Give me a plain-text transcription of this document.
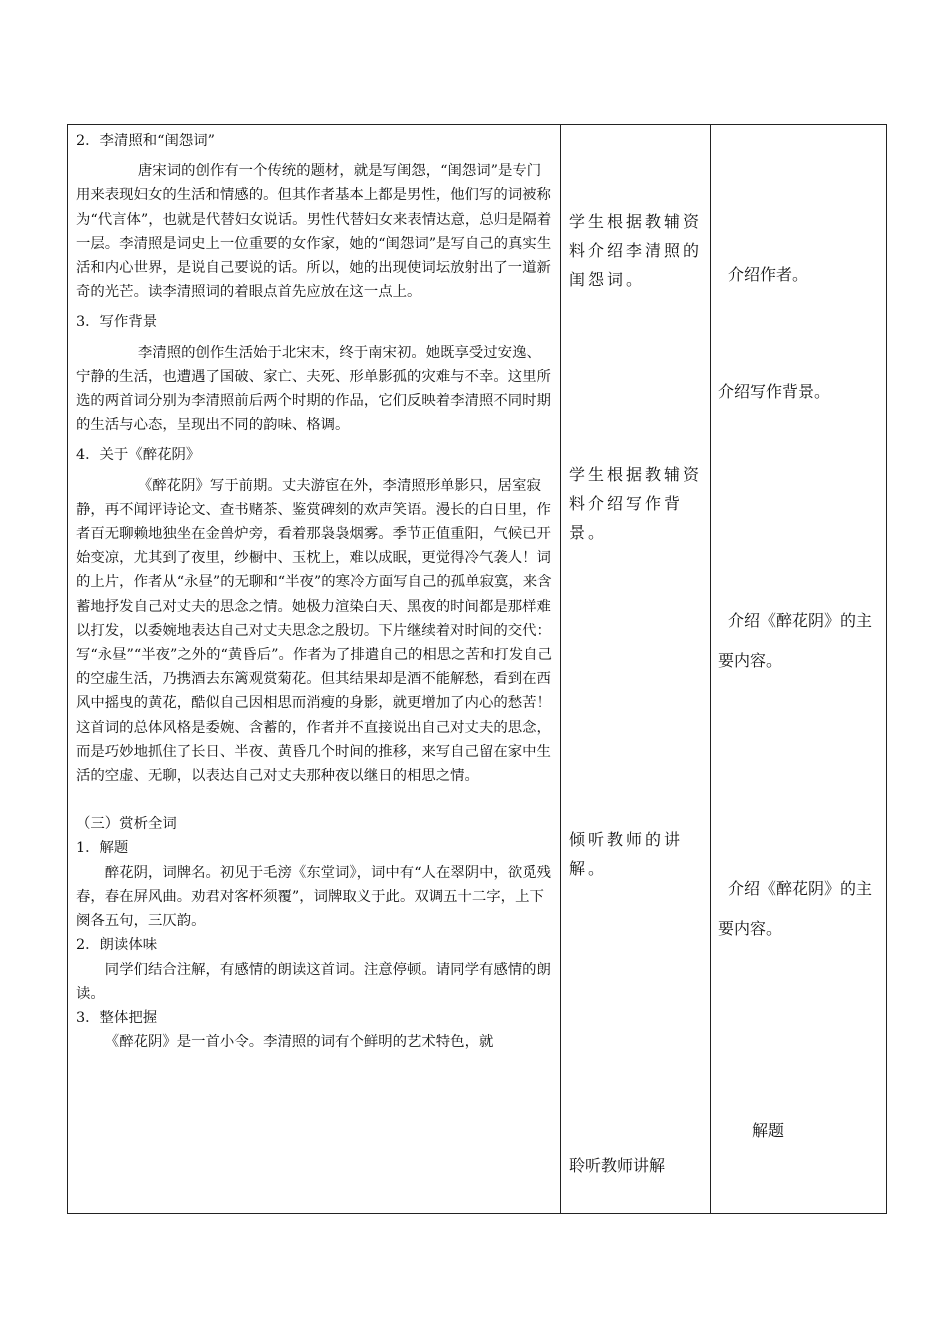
2．李清照和“闺怨词”

唐宋词的创作有一个传统的题材，就是写闺怨，“闺怨词”是专门用来表现妇女的生活和情感的。但其作者基本上都是男性，他们写的词被称为“代言体”，也就是代替妇女说话。男性代替妇女来表情达意，总归是隔着一层。李清照是词史上一位重要的女作家，她的“闺怨词”是写自己的真实生活和内心世界，是说自己要说的话。所以，她的出现使词坛放射出了一道新奇的光芒。读李清照词的着眼点首先应放在这一点上。

3．写作背景

李清照的创作生活始于北宋末，终于南宋初。她既享受过安逸、宁静的生活，也遭遇了国破、家亡、夫死、形单影孤的灾难与不幸。这里所选的两首词分别为李清照前后两个时期的作品，它们反映着李清照不同时期的生活与心态，呈现出不同的韵味、格调。

4．关于《醉花阴》

《醉花阴》写于前期。丈夫游宦在外，李清照形单影只，居室寂静，再不闻评诗论文、查书赌茶、鉴赏碑刻的欢声笑语。漫长的白日里，作者百无聊赖地独坐在金兽炉旁，看着那袅袅烟雾。季节正值重阳，气候已开始变凉，尤其到了夜里，纱橱中、玉枕上，难以成眠，更觉得冷气袭人！词的上片，作者从“永昼”的无聊和“半夜”的寒冷方面写自己的孤单寂寞，来含蓄地抒发自己对丈夫的思念之情。她极力渲染白天、黑夜的时间都是那样难以打发，以委婉地表达自己对丈夫思念之殷切。下片继续着对时间的交代：写“永昼”“半夜”之外的“黄昏后”。作者为了排遣自己的相思之苦和打发自己的空虚生活，乃携酒去东篱观赏菊花。但其结果却是酒不能解愁，看到在西风中摇曳的黄花，酷似自己因相思而消瘦的身影，就更增加了内心的愁苦！这首词的总体风格是委婉、含蓄的，作者并不直接说出自己对丈夫的思念，而是巧妙地抓住了长日、半夜、黄昏几个时间的推移，来写自己留在家中生活的空虚、无聊，以表达自己对丈夫那种夜以继日的相思之情。

（三）赏析全词

1．解题

醉花阴，词牌名。初见于毛滂《东堂词》，词中有“人在翠阴中，欲觅残春，春在屏风曲。劝君对客杯须覆”，词牌取义于此。双调五十二字，上下阕各五句，三仄韵。

2．朗读体味

同学们结合注解，有感情的朗读这首词。注意停顿。请同学有感情的朗读。

3．整体把握

《醉花阴》是一首小令。李清照的词有个鲜明的艺术特色，就

学生根据教辅资料介绍李清照的闺怨词。

学生根据教辅资料介绍写作背景。

倾听教师的讲解。

聆听教师讲解

介绍作者。

介绍写作背景。

介绍《醉花阴》的主要内容。

介绍《醉花阴》的主要内容。

解题
